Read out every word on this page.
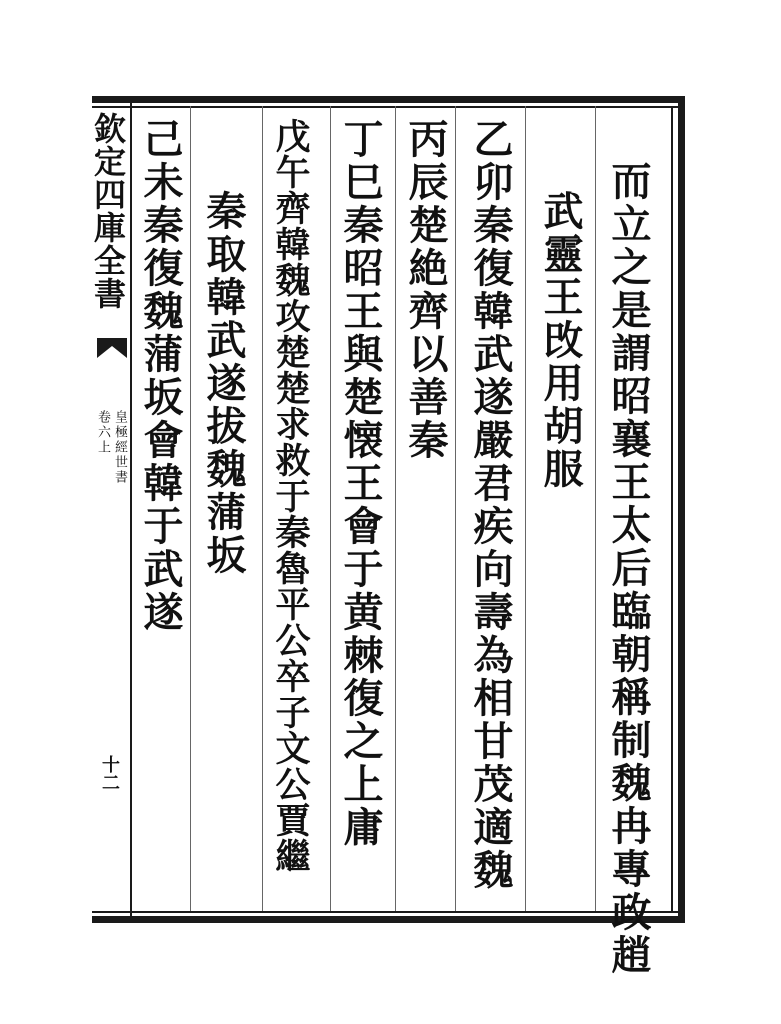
欽定四庫全書
皇極經世書
卷六上
十二	而立之是謂昭襄王太后臨朝稱制魏冉專政趙
武靈王攺用胡服
乙卯秦復韓武遂嚴君疾向壽為相甘茂適魏
丙辰楚絶齊以善秦
丁巳秦昭王與楚懐王會于黄棘復之上庸
戊午齊韓魏攻楚楚求救于秦魯平公卒子文公賈繼
秦取韓武遂拔魏蒲坂
己未秦復魏蒲坂會韓于武遂
